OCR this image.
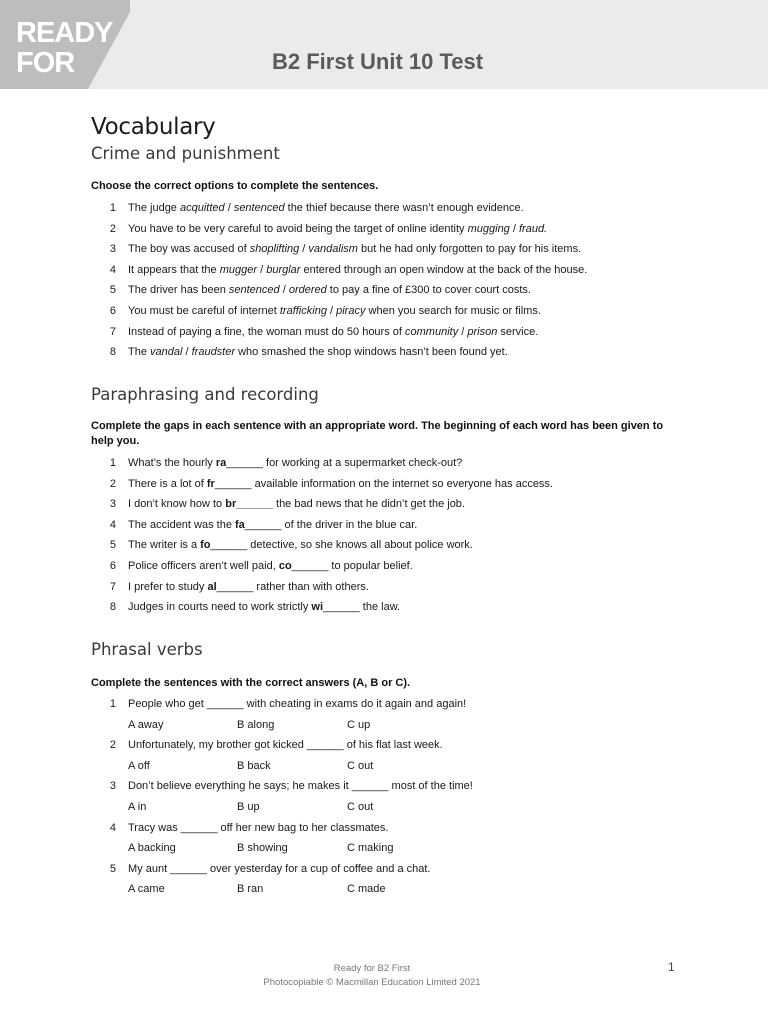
READY
FOR	B2 First Unit 10 Test
Vocabulary
Crime and punishment
Choose the correct options to complete the sentences.
1 The judge acquitted / sentenced the thief because there wasn’t enough evidence.
2 You have to be very careful to avoid being the target of online identity mugging / fraud.
3 The boy was accused of shoplifting / vandalism but he had only forgotten to pay for his items.
4 It appears that the mugger / burglar entered through an open window at the back of the house.
5 The driver has been sentenced / ordered to pay a fine of £300 to cover court costs.
6 You must be careful of internet trafficking / piracy when you search for music or films.
7 Instead of paying a fine, the woman must do 50 hours of community / prison service.
8 The vandal / fraudster who smashed the shop windows hasn’t been found yet.
Paraphrasing and recording
Complete the gaps in each sentence with an appropriate word. The beginning of each word has been given to help you.
1 What’s the hourly ra______ for working at a supermarket check-out?
2 There is a lot of fr______ available information on the internet so everyone has access.
3 I don’t know how to br______ the bad news that he didn’t get the job.
4 The accident was the fa______ of the driver in the blue car.
5 The writer is a fo______ detective, so she knows all about police work.
6 Police officers aren’t well paid, co______ to popular belief.
7 I prefer to study al______ rather than with others.
8 Judges in courts need to work strictly wi______ the law.
Phrasal verbs
Complete the sentences with the correct answers (A, B or C).
1 People who get ______ with cheating in exams do it again and again!
A away	B along	C up
2 Unfortunately, my brother got kicked ______ of his flat last week.
A off	B back	C out
3 Don’t believe everything he says; he makes it ______ most of the time!
A in	B up	C out
4 Tracy was ______ off her new bag to her classmates.
A backing	B showing	C making
5 My aunt ______ over yesterday for a cup of coffee and a chat.
A came	B ran	C made
Ready for B2 First
Photocopiable © Macmillan Education Limited 2021
1
